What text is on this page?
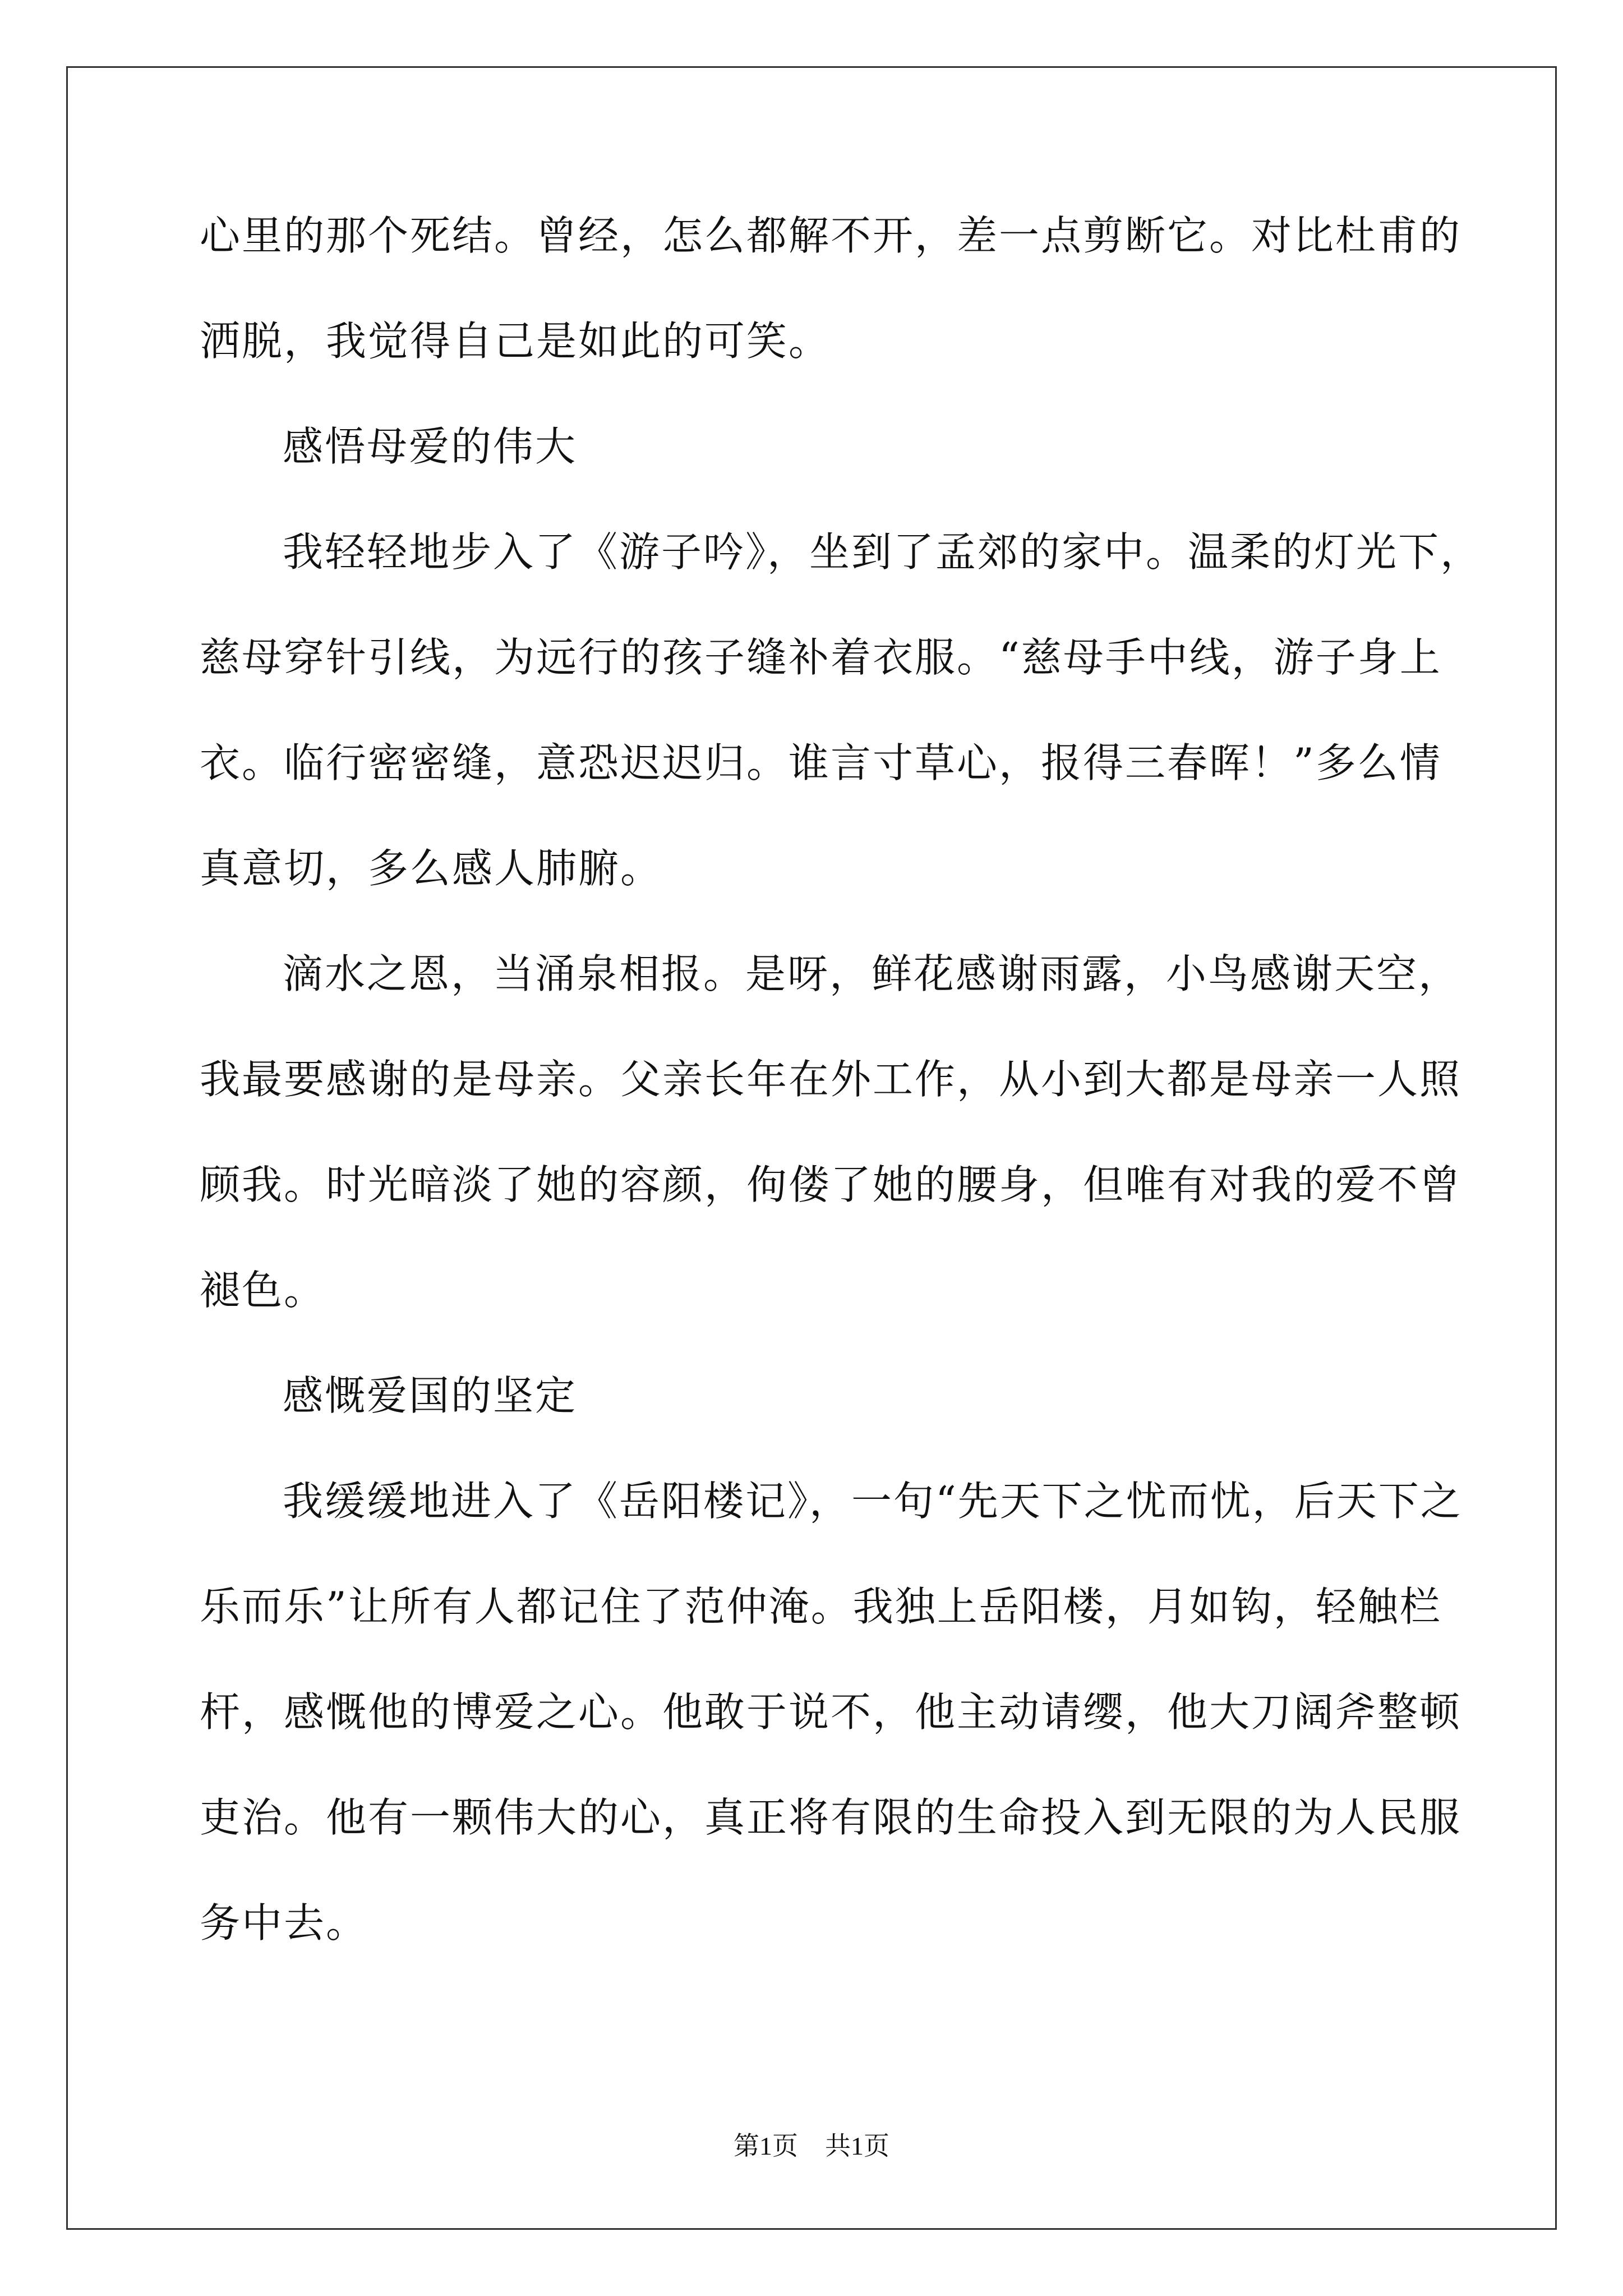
心里的那个死结。曾经，怎么都解不开，差一点剪断它。对比杜甫的
洒脱，我觉得自己是如此的可笑。
感悟母爱的伟大
我轻轻地步入了《游子吟》，坐到了孟郊的家中。温柔的灯光下，
慈母穿针引线，为远行的孩子缝补着衣服。“慈母手中线，游子身上
衣。临行密密缝，意恐迟迟归。谁言寸草心，报得三春晖！”多么情
真意切，多么感人肺腑。
滴水之恩，当涌泉相报。是呀，鲜花感谢雨露，小鸟感谢天空，
我最要感谢的是母亲。父亲长年在外工作，从小到大都是母亲一人照
顾我。时光暗淡了她的容颜，佝偻了她的腰身，但唯有对我的爱不曾
褪色。
感慨爱国的坚定
我缓缓地进入了《岳阳楼记》，一句“先天下之忧而忧，后天下之
乐而乐”让所有人都记住了范仲淹。我独上岳阳楼，月如钩，轻触栏
杆，感慨他的博爱之心。他敢于说不，他主动请缨，他大刀阔斧整顿
吏治。他有一颗伟大的心，真正将有限的生命投入到无限的为人民服
务中去。
第1页 共1页
